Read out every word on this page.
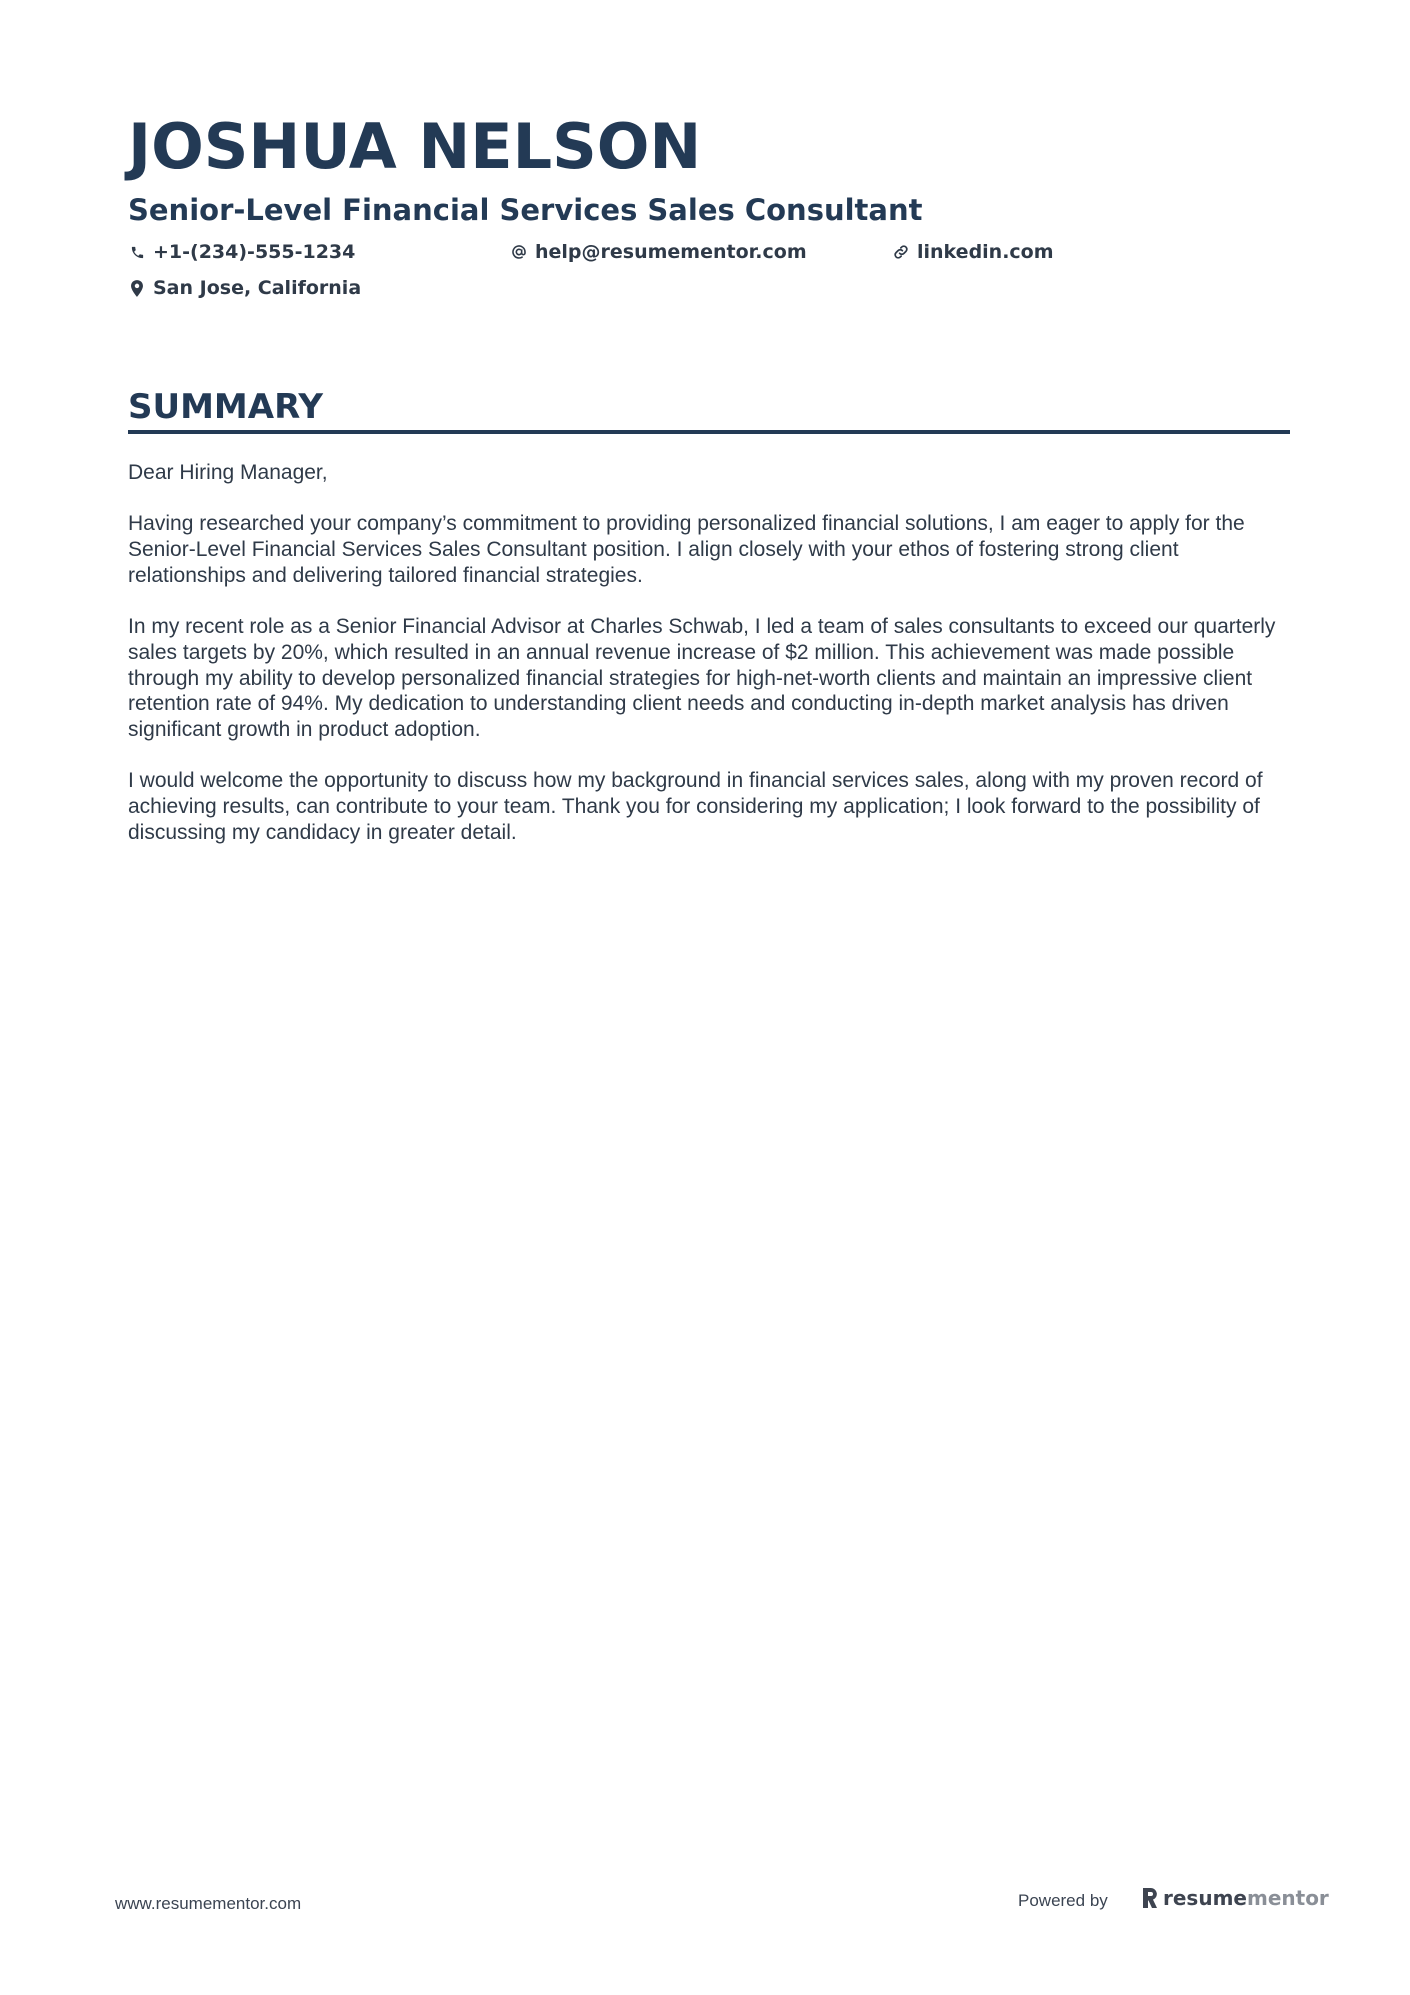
JOSHUA NELSON
Senior-Level Financial Services Sales Consultant
+1-(234)-555-1234	help@resumementor.com	linkedin.com
San Jose, California
SUMMARY

Dear Hiring Manager,

Having researched your company’s commitment to providing personalized financial solutions, I am eager to apply for the Senior-Level Financial Services Sales Consultant position. I align closely with your ethos of fostering strong client relationships and delivering tailored financial strategies.

In my recent role as a Senior Financial Advisor at Charles Schwab, I led a team of sales consultants to exceed our quarterly sales targets by 20%, which resulted in an annual revenue increase of $2 million. This achievement was made possible through my ability to develop personalized financial strategies for high-net-worth clients and maintain an impressive client retention rate of 94%. My dedication to understanding client needs and conducting in-depth market analysis has driven significant growth in product adoption.

I would welcome the opportunity to discuss how my background in financial services sales, along with my proven record of achieving results, can contribute to your team. Thank you for considering my application; I look forward to the possibility of discussing my candidacy in greater detail.

www.resumementor.com	Powered by	resume mentor
